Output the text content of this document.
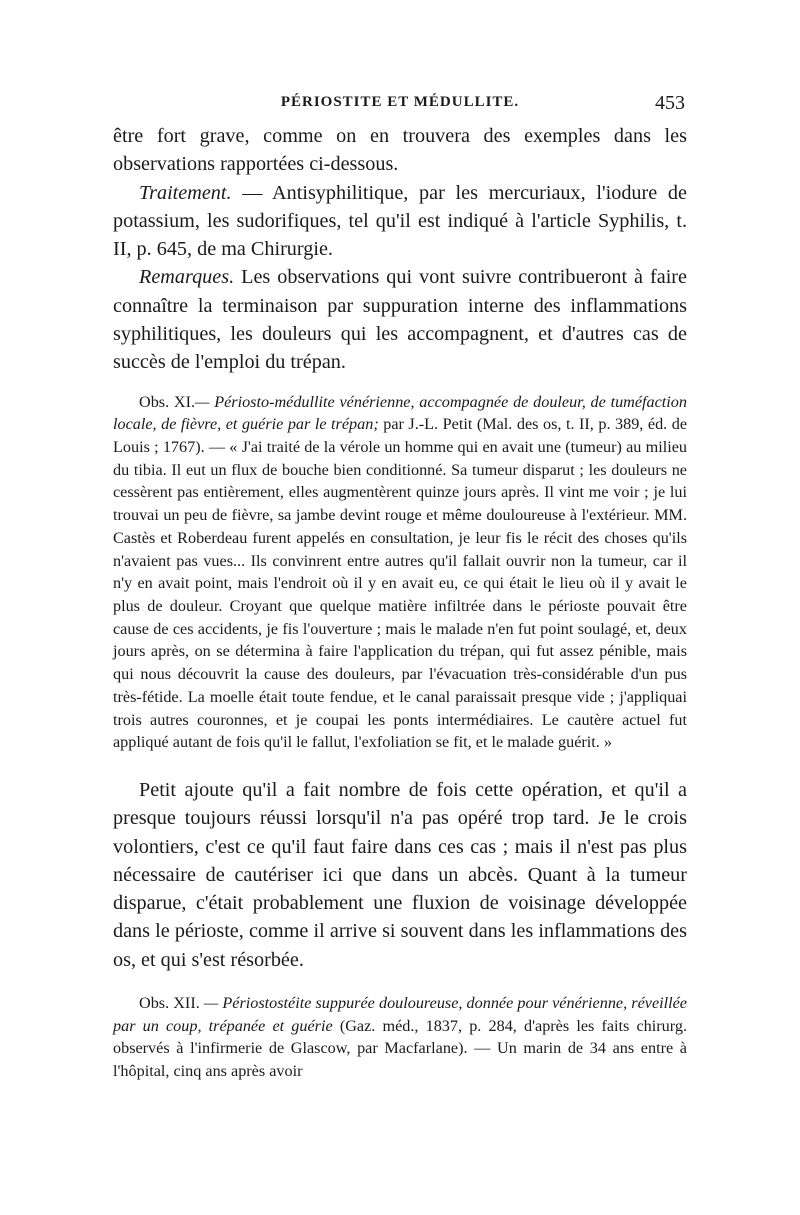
PÉRIOSTITE ET MÉDULLITE.	453

être fort grave, comme on en trouvera des exemples dans les observations rapportées ci-dessous.

Traitement. — Antisyphilitique, par les mercuriaux, l'iodure de potassium, les sudorifiques, tel qu'il est indiqué à l'article Syphilis, t. II, p. 645, de ma Chirurgie.

Remarques. Les observations qui vont suivre contribueront à faire connaître la terminaison par suppuration interne des inflammations syphilitiques, les douleurs qui les accompagnent, et d'autres cas de succès de l'emploi du trépan.

Obs. XI.— Périosto-médullite vénérienne, accompagnée de douleur, de tuméfaction locale, de fièvre, et guérie par le trépan; par J.-L. Petit (Mal. des os, t. II, p. 389, éd. de Louis ; 1767). — « J'ai traité de la vérole un homme qui en avait une (tumeur) au milieu du tibia. Il eut un flux de bouche bien conditionné. Sa tumeur disparut ; les douleurs ne cessèrent pas entièrement, elles augmentèrent quinze jours après. Il vint me voir ; je lui trouvai un peu de fièvre, sa jambe devint rouge et même douloureuse à l'extérieur. MM. Castès et Roberdeau furent appelés en consultation, je leur fis le récit des choses qu'ils n'avaient pas vues... Ils convinrent entre autres qu'il fallait ouvrir non la tumeur, car il n'y en avait point, mais l'endroit où il y en avait eu, ce qui était le lieu où il y avait le plus de douleur. Croyant que quelque matière infiltrée dans le périoste pouvait être cause de ces accidents, je fis l'ouverture ; mais le malade n'en fut point soulagé, et, deux jours après, on se détermina à faire l'application du trépan, qui fut assez pénible, mais qui nous découvrit la cause des douleurs, par l'évacuation très-considérable d'un pus très-fétide. La moelle était toute fendue, et le canal paraissait presque vide ; j'appliquai trois autres couronnes, et je coupai les ponts intermédiaires. Le cautère actuel fut appliqué autant de fois qu'il le fallut, l'exfoliation se fit, et le malade guérit. »

Petit ajoute qu'il a fait nombre de fois cette opération, et qu'il a presque toujours réussi lorsqu'il n'a pas opéré trop tard. Je le crois volontiers, c'est ce qu'il faut faire dans ces cas ; mais il n'est pas plus nécessaire de cautériser ici que dans un abcès. Quant à la tumeur disparue, c'était probablement une fluxion de voisinage développée dans le périoste, comme il arrive si souvent dans les inflammations des os, et qui s'est résorbée.

Obs. XII. — Périostostéite suppurée douloureuse, donnée pour vénérienne, réveillée par un coup, trépanée et guérie (Gaz. méd., 1837, p. 284, d'après les faits chirurg. observés à l'infirmerie de Glascow, par Macfarlane). — Un marin de 34 ans entre à l'hôpital, cinq ans après avoir
